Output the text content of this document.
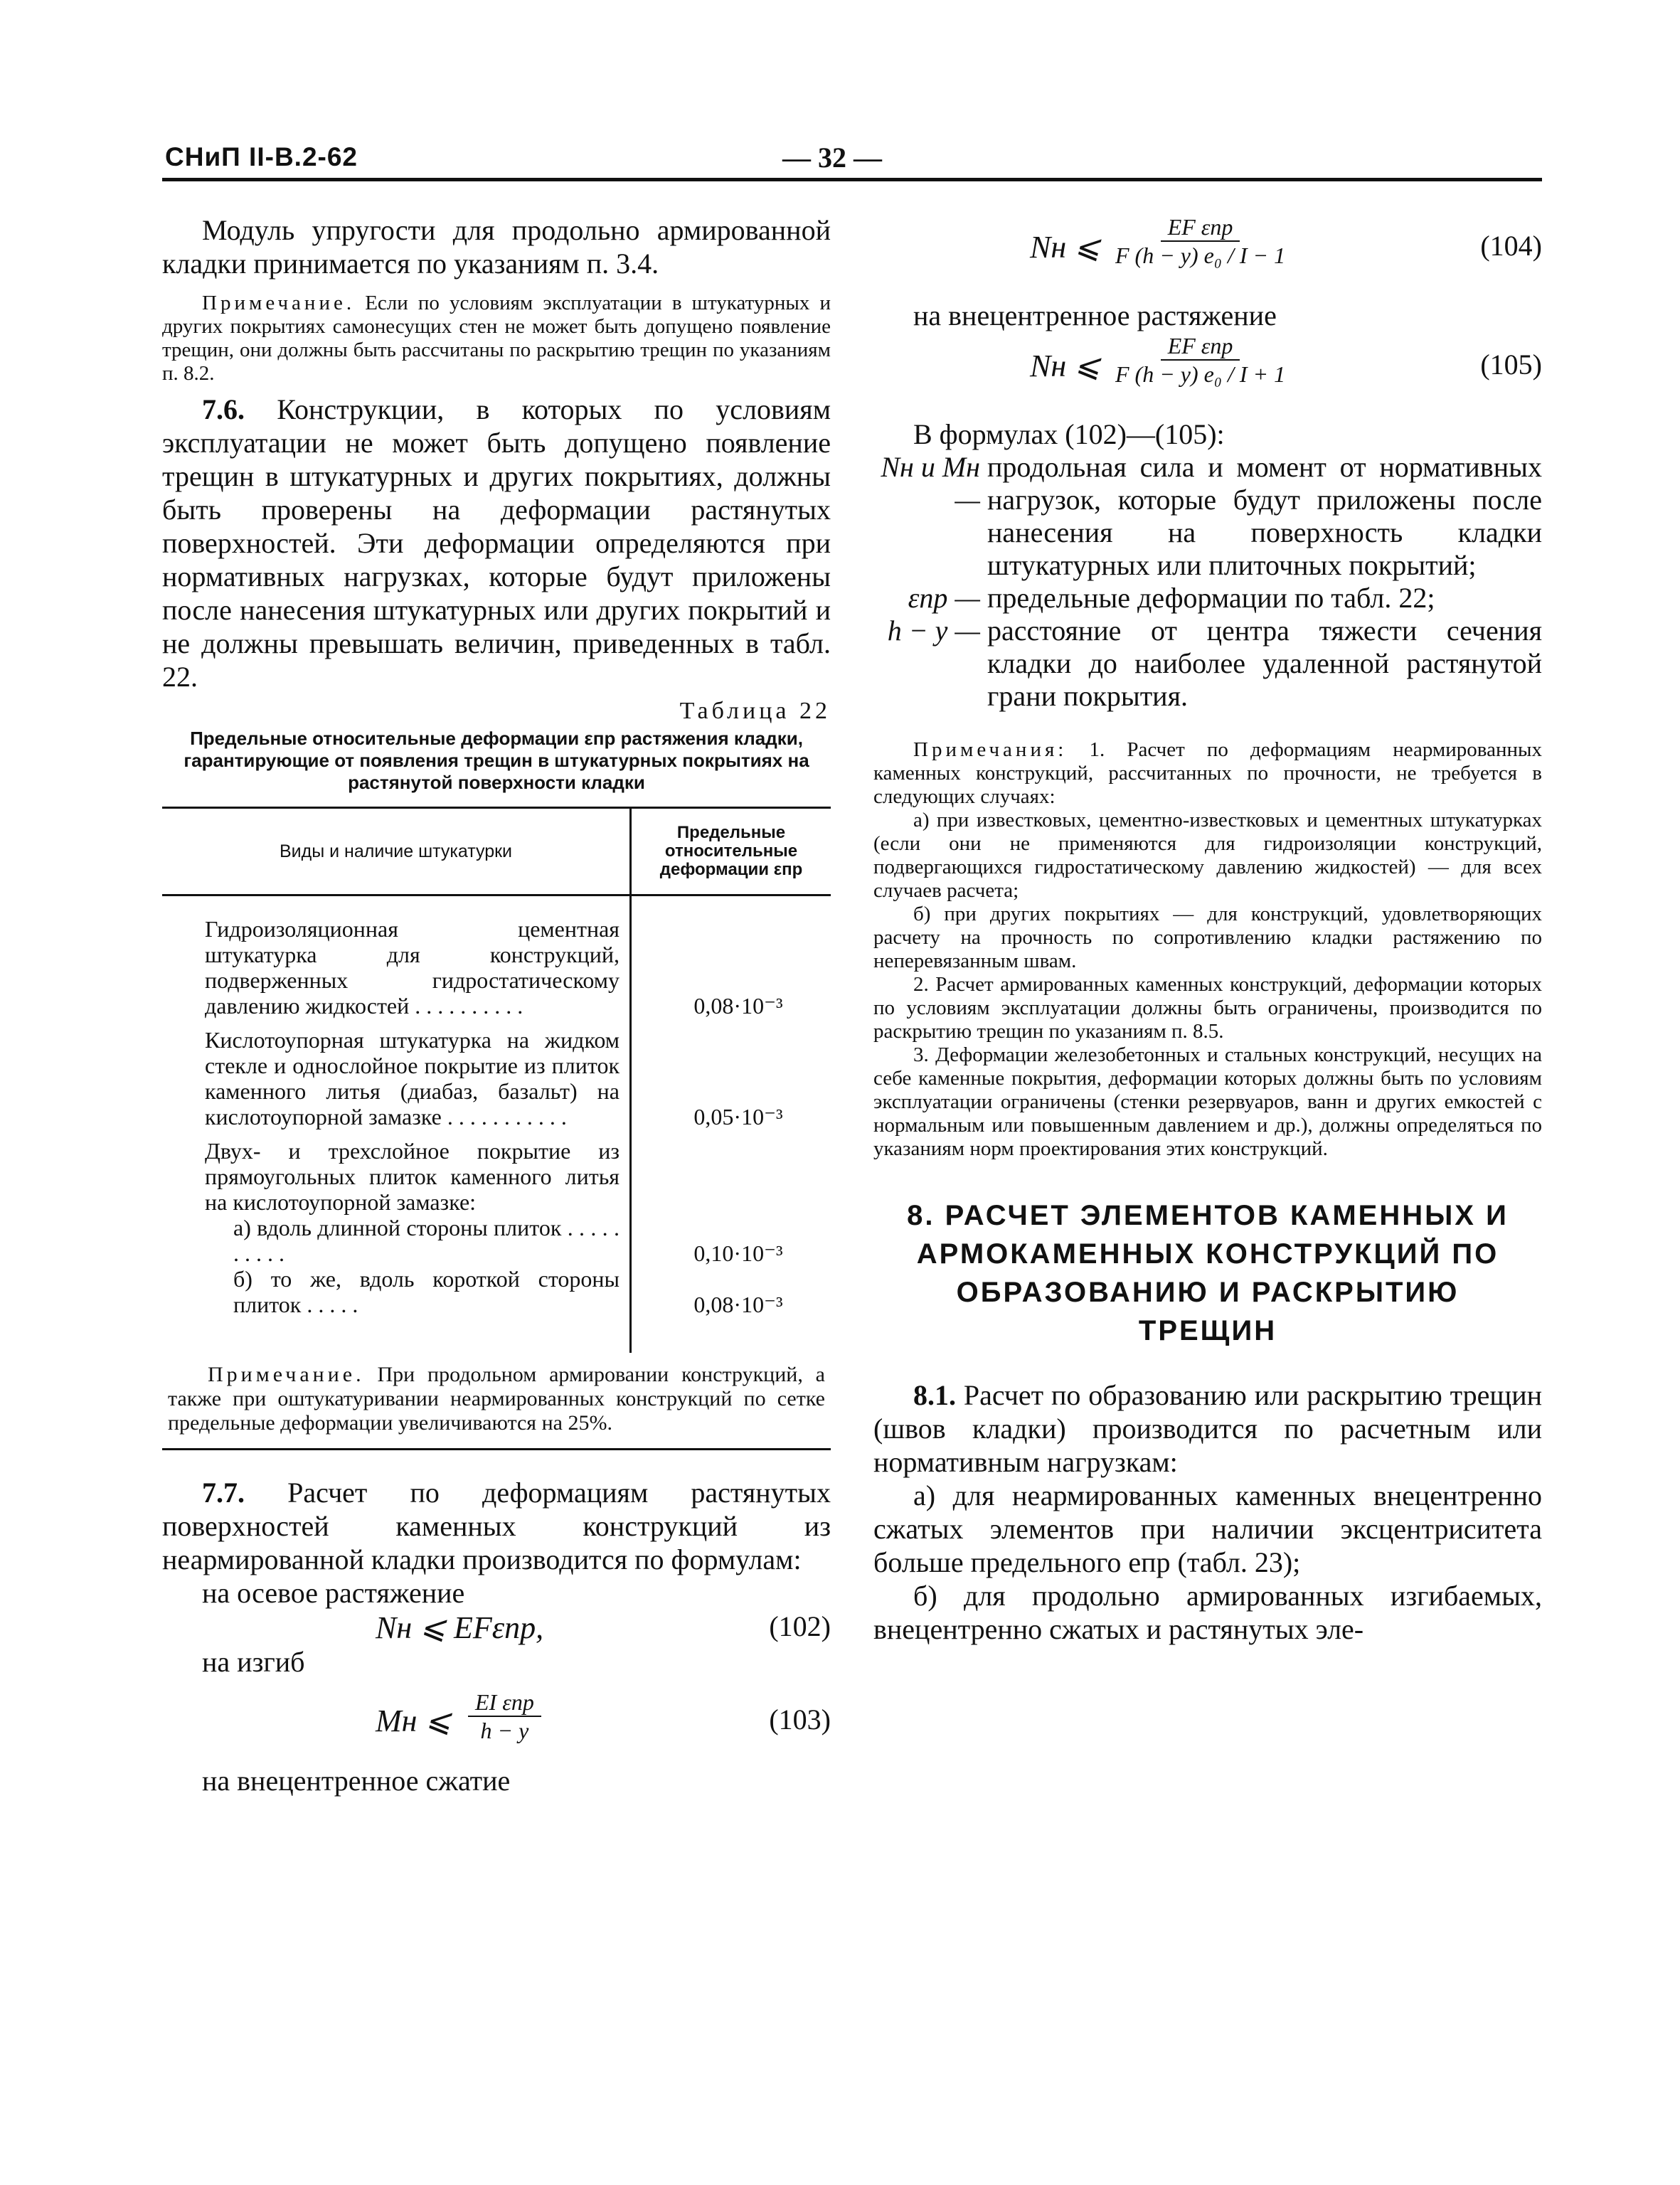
СНиП II-В.2-62	— 32 —

Модуль упругости для продольно армированной кладки принимается по указаниям п. 3.4.

Примечание. Если по условиям эксплуатации в штукатурных и других покрытиях самонесущих стен не может быть допущено появление трещин, они должны быть рассчитаны по раскрытию трещин по указаниям п. 8.2.

7.6. Конструкции, в которых по условиям эксплуатации не может быть допущено появление трещин в штукатурных и других покрытиях, должны быть проверены на деформации растянутых поверхностей. Эти деформации определяются при нормативных нагрузках, которые будут приложены после нанесения штукатурных или других покрытий и не должны превышать величин, приведенных в табл. 22.

Таблица 22

Предельные относительные деформации εпр растяжения кладки, гарантирующие от появления трещин в штукатурных покрытиях на растянутой поверхности кладки

Виды и наличие штукатурки	Предельные относительные деформации εпр

Гидроизоляционная цементная штукатурка для конструкций, подверженных гидростатическому давлению жидкостей . . . . . . . . . .	0,08·10⁻³

Кислотоупорная штукатурка на жидком стекле и однослойное покрытие из плиток каменного литья (диабаз, базальт) на кислотоупорной замазке . . . . . . . . . . .	0,05·10⁻³

Двух- и трехслойное покрытие из прямоугольных плиток каменного литья на кислотоупорной замазке:	
а) вдоль длинной стороны плиток . . . . . . . . . .	0,10·10⁻³
б) то же, вдоль короткой стороны плиток . . . . .	0,08·10⁻³

Примечание. При продольном армировании конструкций, а также при оштукатуривании неармированных конструкций по сетке предельные деформации увеличиваются на 25%.	

7.7. Расчет по деформациям растянутых поверхностей каменных конструкций из неармированной кладки производится по формулам:

на осевое растяжение

Nн ⩽ EFεпр,	(102)

на изгиб

Mн ⩽
EI εпр
h − y	(103)

на внецентренное сжатие

Nн ⩽
EF εпр
F (h − y) e₀ / I − 1	(104)

на внецентренное растяжение

Nн ⩽
EF εпр
F (h − y) e₀ / I + 1	(105)

В формулах (102)—(105):

Nн и Mн —
продольная сила и момент от нормативных нагрузок, которые будут приложены после нанесения на поверхность кладки штукатурных или плиточных покрытий;
εпр — предельные деформации по табл. 22;
h − y — расстояние от центра тяжести сечения кладки до наиболее удаленной растянутой грани покрытия.

Примечания: 1. Расчет по деформациям неармированных каменных конструкций, рассчитанных по прочности, не требуется в следующих случаях:

а) при известковых, цементно-известковых и цементных штукатурках (если они не применяются для гидроизоляции конструкций, подвергающихся гидростатическому давлению жидкостей) — для всех случаев расчета;

б) при других покрытиях — для конструкций, удовлетворяющих расчету на прочность по сопротивлению кладки растяжению по неперевязанным швам.

2. Расчет армированных каменных конструкций, деформации которых по условиям эксплуатации должны быть ограничены, производится по раскрытию трещин по указаниям п. 8.5.

3. Деформации железобетонных и стальных конструкций, несущих на себе каменные покрытия, деформации которых должны быть по условиям эксплуатации ограничены (стенки резервуаров, ванн и других емкостей с нормальным или повышенным давлением и др.), должны определяться по указаниям норм проектирования этих конструкций.

8. РАСЧЕТ ЭЛЕМЕНТОВ КАМЕННЫХ И АРМОКАМЕННЫХ КОНСТРУКЦИЙ ПО ОБРАЗОВАНИЮ И РАСКРЫТИЮ ТРЕЩИН

8.1. Расчет по образованию или раскрытию трещин (швов кладки) производится по расчетным или нормативным нагрузкам:

а) для неармированных каменных внецентренно сжатых элементов при наличии эксцентриситета больше предельного eпр (табл. 23);

б) для продольно армированных изгибаемых, внецентренно сжатых и растянутых эле-
